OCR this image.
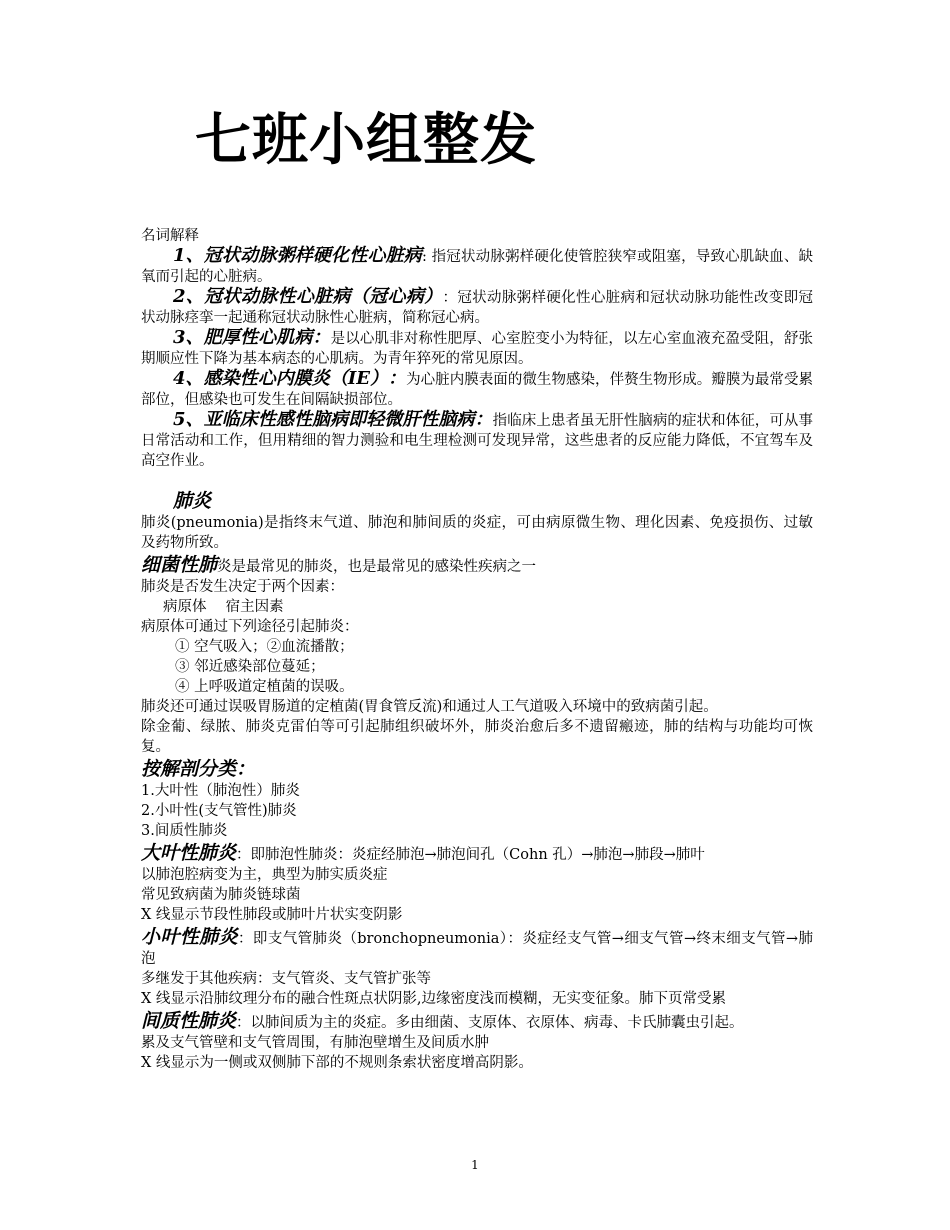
七班小组整发

名词解释

1、冠状动脉粥样硬化性心脏病: 指冠状动脉粥样硬化使管腔狭窄或阻塞，导致心肌缺血、缺氧而引起的心脏病。

2、冠状动脉性心脏病（冠心病）：冠状动脉粥样硬化性心脏病和冠状动脉功能性改变即冠状动脉痉挛一起通称冠状动脉性心脏病，简称冠心病。

3、肥厚性心肌病：是以心肌非对称性肥厚、心室腔变小为特征，以左心室血液充盈受阻，舒张期顺应性下降为基本病态的心肌病。为青年猝死的常见原因。

4、感染性心内膜炎（IE）：为心脏内膜表面的微生物感染，伴赘生物形成。瓣膜为最常受累部位，但感染也可发生在间隔缺损部位。

5、亚临床性感性脑病即轻微肝性脑病：指临床上患者虽无肝性脑病的症状和体征，可从事日常活动和工作，但用精细的智力测验和电生理检测可发现异常，这些患者的反应能力降低，不宜驾车及高空作业。

肺炎

肺炎(pneumonia)是指终末气道、肺泡和肺间质的炎症，可由病原微生物、理化因素、免疫损伤、过敏及药物所致。

细菌性肺炎是最常见的肺炎，也是最常见的感染性疾病之一

肺炎是否发生决定于两个因素：

病原体　 宿主因素

病原体可通过下列途径引起肺炎：

① 空气吸入；②血流播散；

③ 邻近感染部位蔓延；

④ 上呼吸道定植菌的误吸。

肺炎还可通过误吸胃肠道的定植菌(胃食管反流)和通过人工气道吸入环境中的致病菌引起。

除金葡、绿脓、肺炎克雷伯等可引起肺组织破坏外，肺炎治愈后多不遗留瘢迹，肺的结构与功能均可恢复。

按解剖分类：

1.大叶性（肺泡性）肺炎

2.小叶性(支气管性)肺炎

3.间质性肺炎

大叶性肺炎：即肺泡性肺炎：炎症经肺泡→肺泡间孔（Cohn 孔）→肺泡→肺段→肺叶

以肺泡腔病变为主，典型为肺实质炎症

常见致病菌为肺炎链球菌

X 线显示节段性肺段或肺叶片状实变阴影

小叶性肺炎：即支气管肺炎（bronchopneumonia）：炎症经支气管→细支气管→终末细支气管→肺泡

多继发于其他疾病：支气管炎、支气管扩张等

X 线显示沿肺纹理分布的融合性斑点状阴影,边缘密度浅而模糊，无实变征象。肺下页常受累

间质性肺炎：以肺间质为主的炎症。多由细菌、支原体、衣原体、病毒、卡氏肺囊虫引起。

累及支气管壁和支气管周围，有肺泡壁增生及间质水肿

X 线显示为一侧或双侧肺下部的不规则条索状密度增高阴影。

1
